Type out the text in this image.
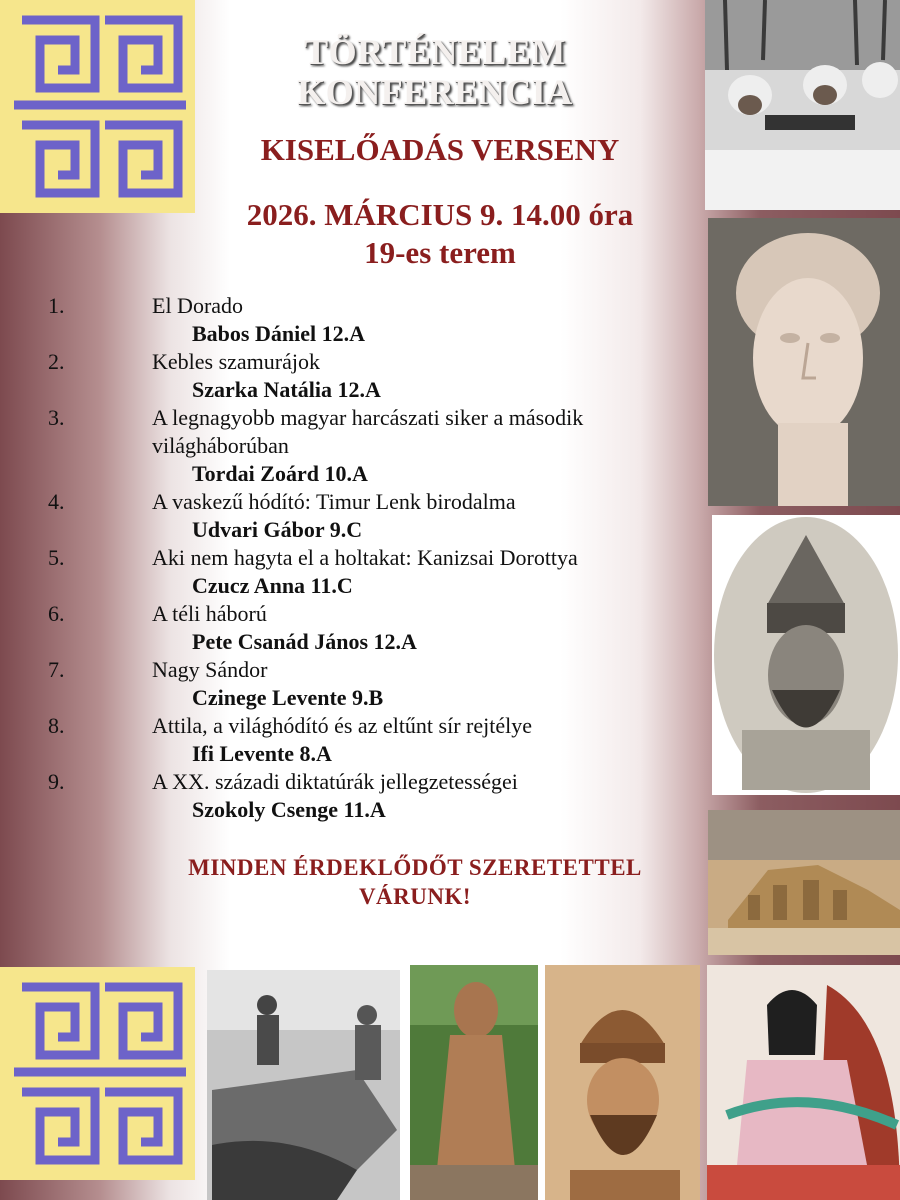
TÖRTÉNELEM
KONFERENCIA
KISELŐADÁS VERSENY
2026. MÁRCIUS 9. 14.00 óra
19-es terem
1.	El Dorado
Babos Dániel 12.A
2.	Kebles szamurájok
Szarka Natália 12.A
3.	A legnagyobb magyar harcászati siker a második világháborúban
Tordai Zoárd 10.A
4.	A vaskezű hódító: Timur Lenk birodalma
Udvari Gábor 9.C
5.	Aki nem hagyta el a holtakat: Kanizsai Dorottya
Czucz Anna 11.C
6.	A téli háború
Pete Csanád János 12.A
7.	Nagy Sándor
Czinege Levente 9.B
8.	Attila, a világhódító és az eltűnt sír rejtélye
Ifi Levente 8.A
9.	A XX. századi diktatúrák jellegzetességei
Szokoly Csenge 11.A
MINDEN ÉRDEKLŐDŐT SZERETETTEL
VÁRUNK!
